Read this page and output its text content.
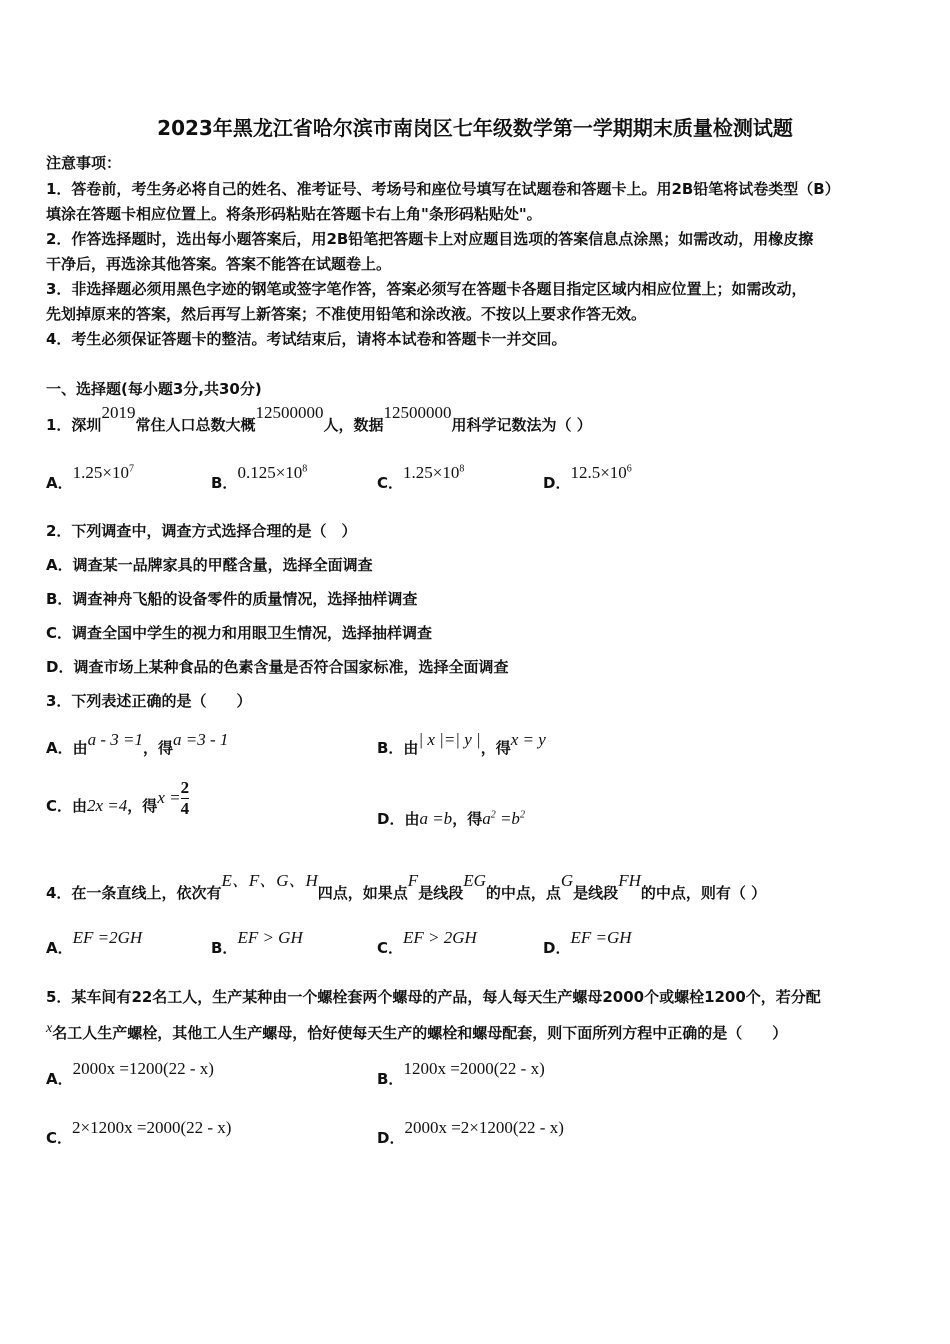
2023年黑龙江省哈尔滨市南岗区七年级数学第一学期期末质量检测试题
注意事项：
1．答卷前，考生务必将自己的姓名、准考证号、考场号和座位号填写在试题卷和答题卡上。用2B铅笔将试卷类型（B）
填涂在答题卡相应位置上。将条形码粘贴在答题卡右上角"条形码粘贴处"。
2．作答选择题时，选出每小题答案后，用2B铅笔把答题卡上对应题目选项的答案信息点涂黑；如需改动，用橡皮擦
干净后，再选涂其他答案。答案不能答在试题卷上。
3．非选择题必须用黑色字迹的钢笔或签字笔作答，答案必须写在答题卡各题目指定区域内相应位置上；如需改动，
先划掉原来的答案，然后再写上新答案；不准使用铅笔和涂改液。不按以上要求作答无效。
4．考生必须保证答题卡的整洁。考试结束后，请将本试卷和答题卡一并交回。
一、选择题(每小题3分,共30分)
1．深圳2019常住人口总数大概12500000人，数据12500000用科学记数法为（ ）
A．$1.25\times 10^7$
B．$0.125\times 10^8$
C．$1.25\times 10^8$
D．$12.5\times 10^6$
2．下列调查中，调查方式选择合理的是（　）
A．调查某一品牌家具的甲醛含量，选择全面调查
B．调查神舟飞船的设备零件的质量情况，选择抽样调查
C．调查全国中学生的视力和用眼卫生情况，选择抽样调查
D．调查市场上某种食品的色素含量是否符合国家标准，选择全面调查
3．下列表述正确的是（　　）
A．由a - 3 =1，得a =3 - 1	B．由| x |=| y |，得x = y
C．由2x =4，得$x = \frac{2}{4}$	D．由a =b，得$a^2 =b^2$
4．在一条直线上，依次有E、F、G、H四点，如果点F是线段EG的中点，点G是线段FH的中点，则有（ ）
A．EF =2GH
B．EF > GH
C．EF > 2GH
D．EF =GH
5．某车间有22名工人，生产某种由一个螺栓套两个螺母的产品，每人每天生产螺母2000个或螺栓1200个，若分配
x名工人生产螺栓，其他工人生产螺母，恰好使每天生产的螺栓和螺母配套，则下面所列方程中正确的是（　　）
A．2000x =1200(22 - x)
B．1200x =2000(22 - x)
C．2×1200x =2000(22 - x)
D．2000x =2×1200(22 - x)
